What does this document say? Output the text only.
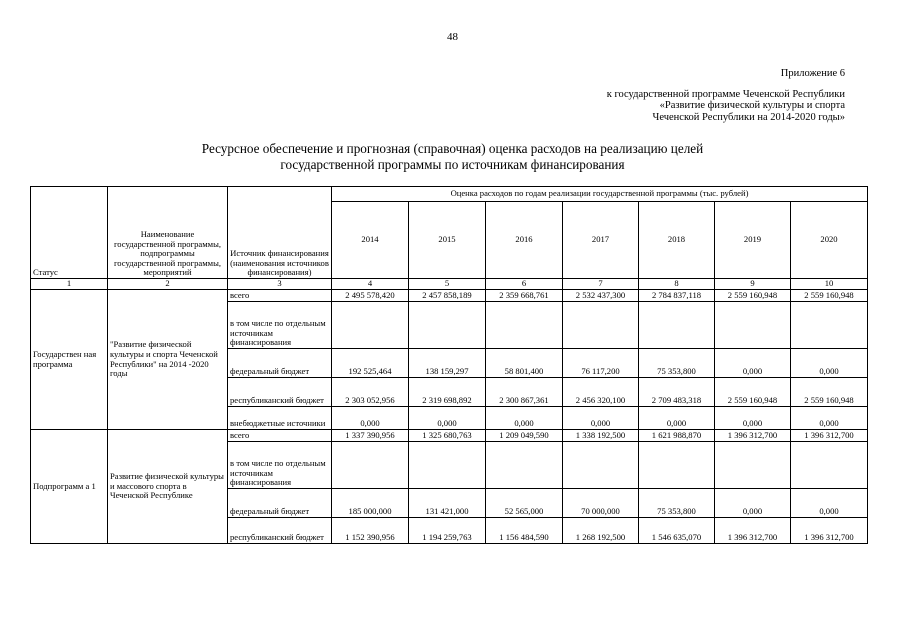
48
Приложение 6
к государственной программе Чеченской Республики
«Развитие физической культуры и спорта
Чеченской Республики на 2014-2020 годы»
Ресурсное обеспечение и прогнозная (справочная) оценка расходов на реализацию целей
государственной программы по источникам финансирования
Статус	Наименование государственной программы, подпрограммы государственной программы, мероприятий	Источник финансирования (наименования источников финансирования)	Оценка расходов по годам реализации государственной программы (тыс. рублей)						
			2014	2015	2016	2017	2018	2019	2020
1	2	3	4	5	6	7	8	9	10
Государствен ная программа	"Развитие физической культуры и спорта Чеченской Республики" на 2014 -2020 годы	всего	2 495 578,420	2 457 858,189	2 359 668,761	2 532 437,300	2 784 837,118	2 559 160,948	2 559 160,948
		в том числе по отдельным источникам финансирования							
		федеральный бюджет	192 525,464	138 159,297	58 801,400	76 117,200	75 353,800	0,000	0,000
		республиканский бюджет	2 303 052,956	2 319 698,892	2 300 867,361	2 456 320,100	2 709 483,318	2 559 160,948	2 559 160,948
		внебюджетные источники	0,000	0,000	0,000	0,000	0,000	0,000	0,000
Подпрограмм а 1	Развитие физической культуры и массового спорта в Чеченской Республике	всего	1 337 390,956	1 325 680,763	1 209 049,590	1 338 192,500	1 621 988,870	1 396 312,700	1 396 312,700
		в том числе по отдельным источникам финансирования							
		федеральный бюджет	185 000,000	131 421,000	52 565,000	70 000,000	75 353,800	0,000	0,000
		республиканский бюджет	1 152 390,956	1 194 259,763	1 156 484,590	1 268 192,500	1 546 635,070	1 396 312,700	1 396 312,700
